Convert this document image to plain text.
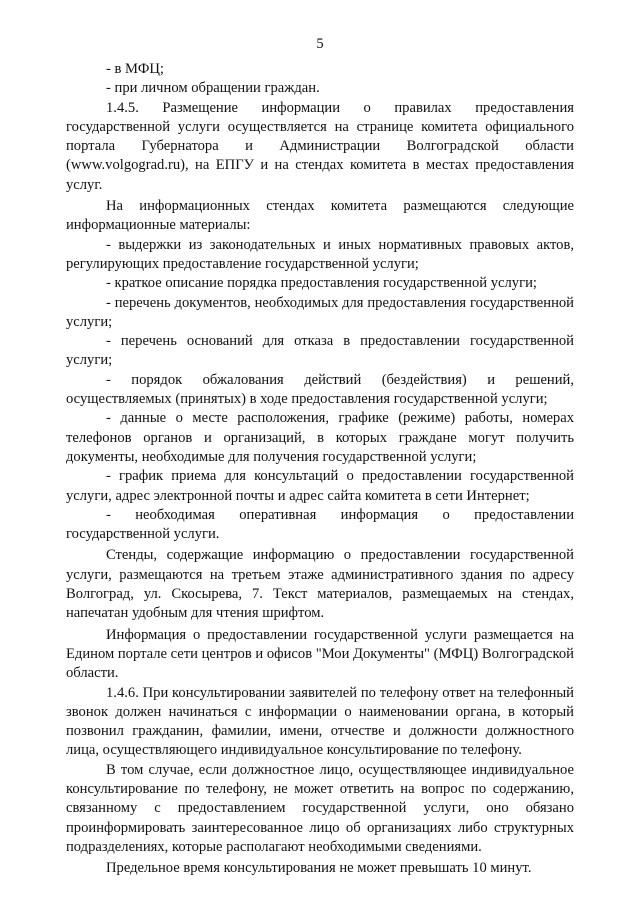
5

- в МФЦ;

- при личном обращении граждан.

1.4.5. Размещение информации о правилах предоставления государственной услуги осуществляется на странице комитета официального портала Губернатора и Администрации Волгоградской области (www.volgograd.ru), на ЕПГУ и на стендах комитета в местах предоставления услуг.

На информационных стендах комитета размещаются следующие информационные материалы:

- выдержки из законодательных и иных нормативных правовых актов, регулирующих предоставление государственной услуги;

- краткое описание порядка предоставления государственной услуги;

- перечень документов, необходимых для предоставления государственной услуги;

- перечень оснований для отказа в предоставлении государственной услуги;

- порядок обжалования действий (бездействия) и решений, осуществляемых (принятых) в ходе предоставления государственной услуги;

- данные о месте расположения, графике (режиме) работы, номерах телефонов органов и организаций, в которых граждане могут получить документы, необходимые для получения государственной услуги;

- график приема для консультаций о предоставлении государственной услуги, адрес электронной почты и адрес сайта комитета в сети Интернет;

- необходимая оперативная информация о предоставлении государственной услуги.

Стенды, содержащие информацию о предоставлении государственной услуги, размещаются на третьем этаже административного здания по адресу Волгоград, ул. Скосырева, 7. Текст материалов, размещаемых на стендах, напечатан удобным для чтения шрифтом.

Информация о предоставлении государственной услуги размещается на Едином портале сети центров и офисов "Мои Документы" (МФЦ) Волгоградской области.

1.4.6. При консультировании заявителей по телефону ответ на телефонный звонок должен начинаться с информации о наименовании органа, в который позвонил гражданин, фамилии, имени, отчестве и должности должностного лица, осуществляющего индивидуальное консультирование по телефону.

В том случае, если должностное лицо, осуществляющее индивидуальное консультирование по телефону, не может ответить на вопрос по содержанию, связанному с предоставлением государственной услуги, оно обязано проинформировать заинтересованное лицо об организациях либо структурных подразделениях, которые располагают необходимыми сведениями.

Предельное время консультирования не может превышать 10 минут.
